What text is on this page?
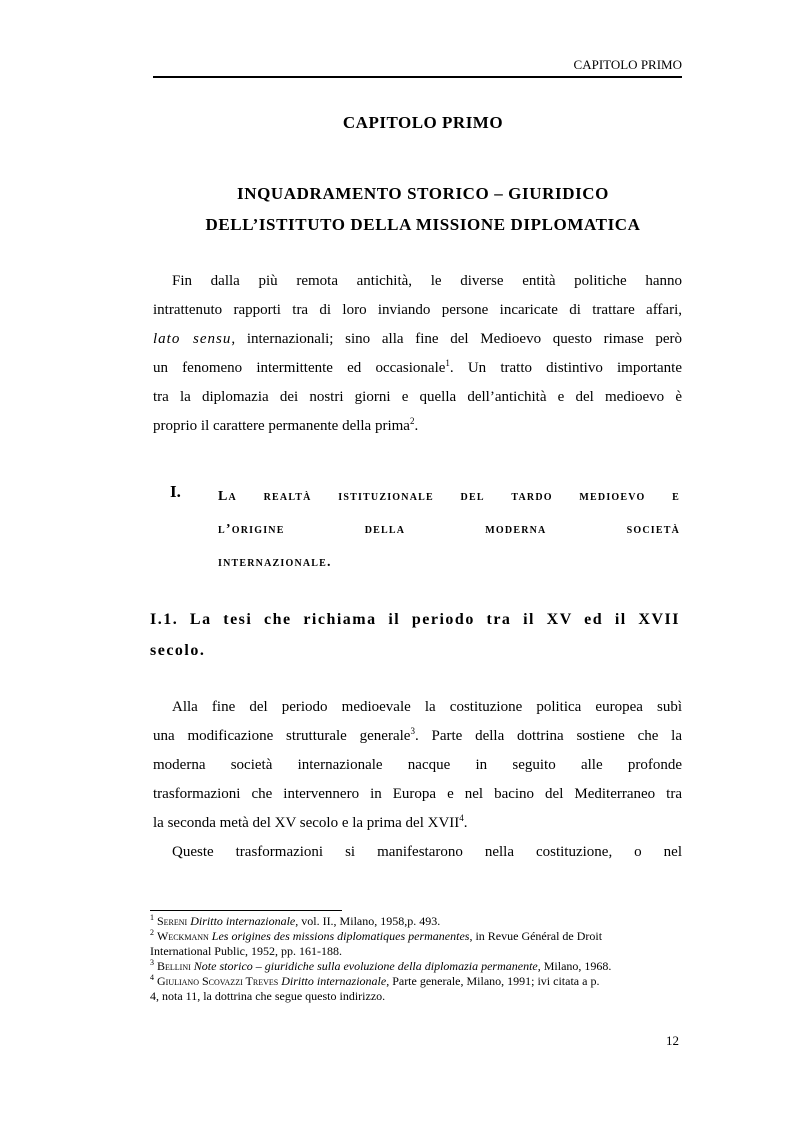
CAPITOLO PRIMO
CAPITOLO PRIMO
INQUADRAMENTO STORICO – GIURIDICO
DELL’ISTITUTO DELLA MISSIONE DIPLOMATICA
Fin dalla più remota antichità, le diverse entità politiche hanno
intrattenuto rapporti tra di loro inviando persone incaricate di trattare affari,
lato sensu, internazionali; sino alla fine del Medioevo questo rimase però
un fenomeno intermittente ed occasionale$^1$. Un tratto distintivo importante
tra la diplomazia dei nostri giorni e quella dell’antichità e del medioevo è
proprio il carattere permanente della prima$^2$.
I.	La realtà istituzionale del tardo medioevo e
l’origine della moderna società
internazionale.
I.1. La tesi che richiama il periodo tra il XV ed il XVII
secolo.
Alla fine del periodo medioevale la costituzione politica europea subì
una modificazione strutturale generale$^3$. Parte della dottrina sostiene che la
moderna società internazionale nacque in seguito alle profonde
trasformazioni che intervennero in Europa e nel bacino del Mediterraneo tra
la seconda metà del XV secolo e la prima del XVII$^4$.
Queste trasformazioni si manifestarono nella costituzione, o nel
$^1$ Sereni Diritto internazionale, vol. II., Milano, 1958,p. 493.
$^2$ Weckmann Les origines des missions diplomatiques permanentes, in Revue Général de Droit
International Public, 1952, pp. 161-188.
$^3$ Bellini Note storico – giuridiche sulla evoluzione della diplomazia permanente, Milano, 1968.
$^4$ Giuliano Scovazzi Treves Diritto internazionale, Parte generale, Milano, 1991; ivi citata a p.
4, nota 11, la dottrina che segue questo indirizzo.
12
